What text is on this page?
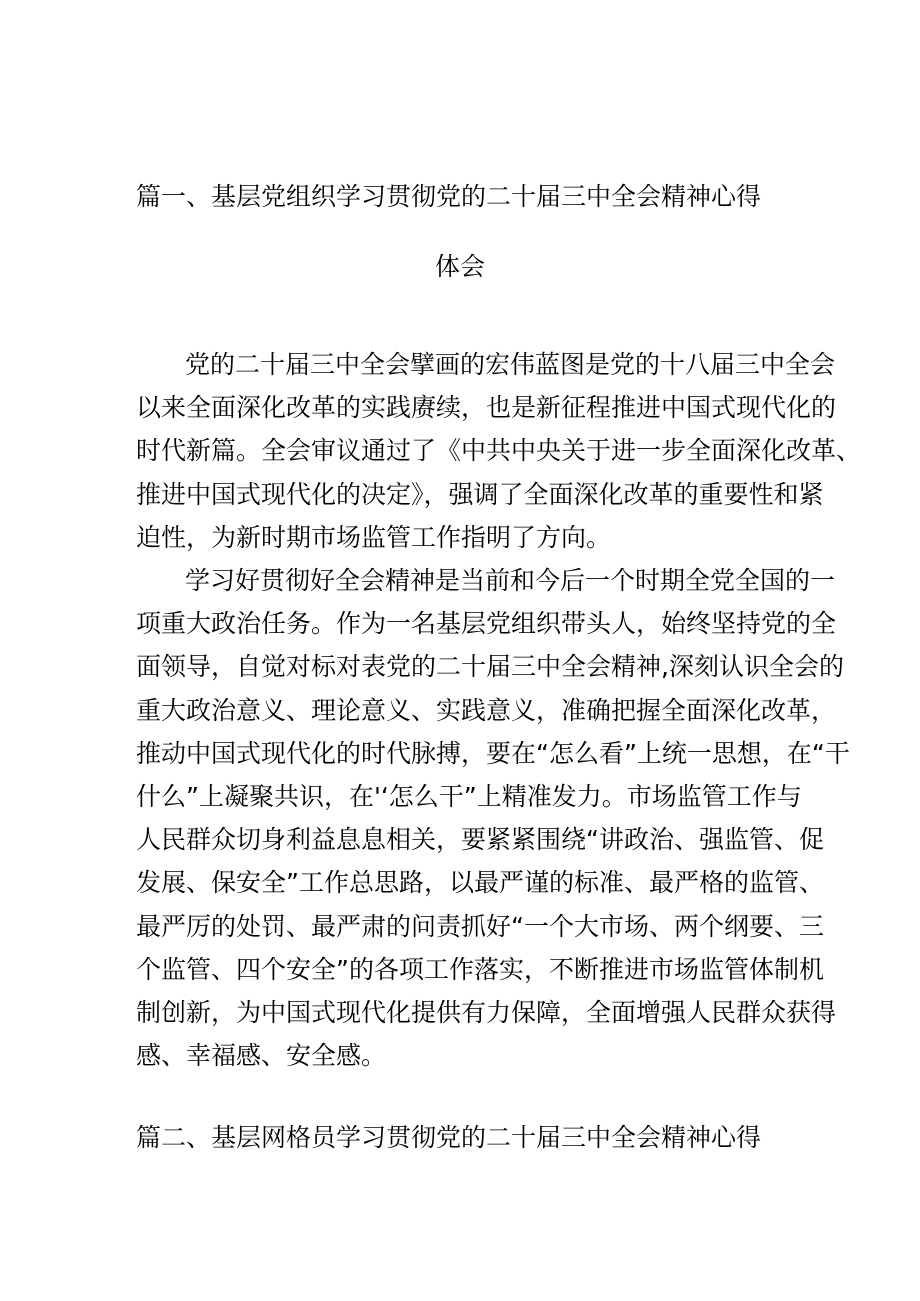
篇一、基层党组织学习贯彻党的二十届三中全会精神心得
体会
党的二十届三中全会擘画的宏伟蓝图是党的十八届三中全会
以来全面深化改革的实践赓续，也是新征程推进中国式现代化的
时代新篇。全会审议通过了《中共中央关于进一步全面深化改革、
推进中国式现代化的决定》，强调了全面深化改革的重要性和紧
迫性，为新时期市场监管工作指明了方向。
学习好贯彻好全会精神是当前和今后一个时期全党全国的一
项重大政治任务。作为一名基层党组织带头人，始终坚持党的全
面领导，自觉对标对表党的二十届三中全会精神,深刻认识全会的
重大政治意义、理论意义、实践意义，准确把握全面深化改革，
推动中国式现代化的时代脉搏，要在“怎么看”上统一思想，在“干
什么”上凝聚共识，在'‘怎么干”上精准发力。市场监管工作与
人民群众切身利益息息相关，要紧紧围绕“讲政治、强监管、促
发展、保安全”工作总思路，以最严谨的标准、最严格的监管、
最严厉的处罚、最严肃的问责抓好“一个大市场、两个纲要、三
个监管、四个安全”的各项工作落实，不断推进市场监管体制机
制创新，为中国式现代化提供有力保障，全面增强人民群众获得
感、幸福感、安全感。
篇二、基层网格员学习贯彻党的二十届三中全会精神心得
